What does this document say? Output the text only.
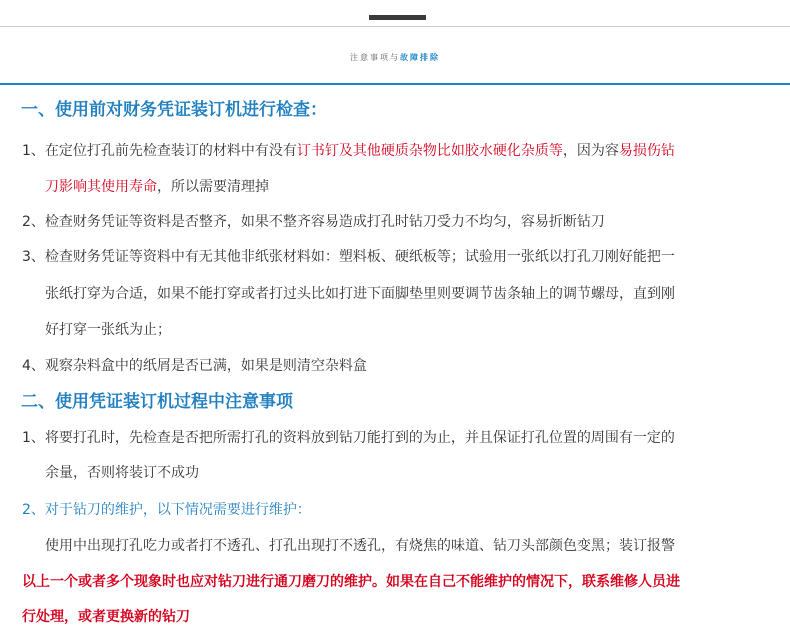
注意事项与故障排除
一、使用前对财务凭证装订机进行检查：
1、在定位打孔前先检查装订的材料中有没有订书钉及其他硬质杂物比如胶水硬化杂质等，因为容易损伤钻
刀影响其使用寿命，所以需要清理掉
2、检查财务凭证等资料是否整齐，如果不整齐容易造成打孔时钻刀受力不均匀，容易折断钻刀
3、检查财务凭证等资料中有无其他非纸张材料如：塑料板、硬纸板等；试验用一张纸以打孔刀刚好能把一
张纸打穿为合适，如果不能打穿或者打过头比如打进下面脚垫里则要调节齿条轴上的调节螺母，直到刚
好打穿一张纸为止；
4、观察杂料盒中的纸屑是否已满，如果是则清空杂料盒
二、使用凭证装订机过程中注意事项
1、将要打孔时，先检查是否把所需打孔的资料放到钻刀能打到的为止，并且保证打孔位置的周围有一定的
余量，否则将装订不成功
2、对于钻刀的维护，以下情况需要进行维护：
使用中出现打孔吃力或者打不透孔、打孔出现打不透孔，有烧焦的味道、钻刀头部颜色变黑；装订报警
以上一个或者多个现象时也应对钻刀进行通刀磨刀的维护。如果在自己不能维护的情况下，联系维修人员进
行处理，或者更换新的钻刀
